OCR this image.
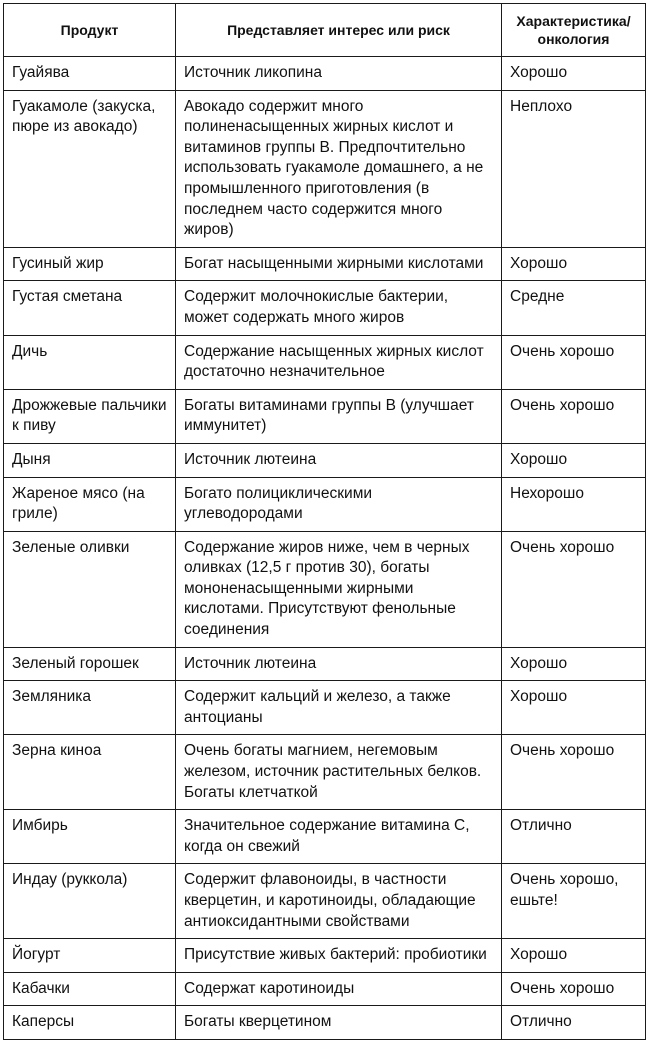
Продукт	Представляет интерес или риск	Характеристика/онкология
Гуайява	Источник ликопина	Хорошо
Гуакамоле (закуска, пюре из авокадо)	Авокадо содержит много полиненасыщенных жирных кислот и витаминов группы В. Предпочтительно использовать гуакамоле домашнего, а не промышленного приготовления (в последнем часто содержится много жиров)	Неплохо
Гусиный жир	Богат насыщенными жирными кислотами	Хорошо
Густая сметана	Содержит молочнокислые бактерии, может содержать много жиров	Средне
Дичь	Содержание насыщенных жирных кислот достаточно незначительное	Очень хорошо
Дрожжевые пальчики к пиву	Богаты витаминами группы В (улучшает иммунитет)	Очень хорошо
Дыня	Источник лютеина	Хорошо
Жареное мясо (на гриле)	Богато полициклическими углеводородами	Нехорошо
Зеленые оливки	Содержание жиров ниже, чем в черных оливках (12,5 г против 30), богаты мононенасыщенными жирными кислотами. Присутствуют фенольные соединения	Очень хорошо
Зеленый горошек	Источник лютеина	Хорошо
Земляника	Содержит кальций и железо, а также антоцианы	Хорошо
Зерна киноа	Очень богаты магнием, негемовым железом, источник растительных белков. Богаты клетчаткой	Очень хорошо
Имбирь	Значительное содержание витамина С, когда он свежий	Отлично
Индау (руккола)	Содержит флавоноиды, в частности кверцетин, и каротиноиды, обладающие антиоксидантными свойствами	Очень хорошо, ешьте!
Йогурт	Присутствие живых бактерий: пробиотики	Хорошо
Кабачки	Содержат каротиноиды	Очень хорошо
Каперсы	Богаты кверцетином	Отлично
